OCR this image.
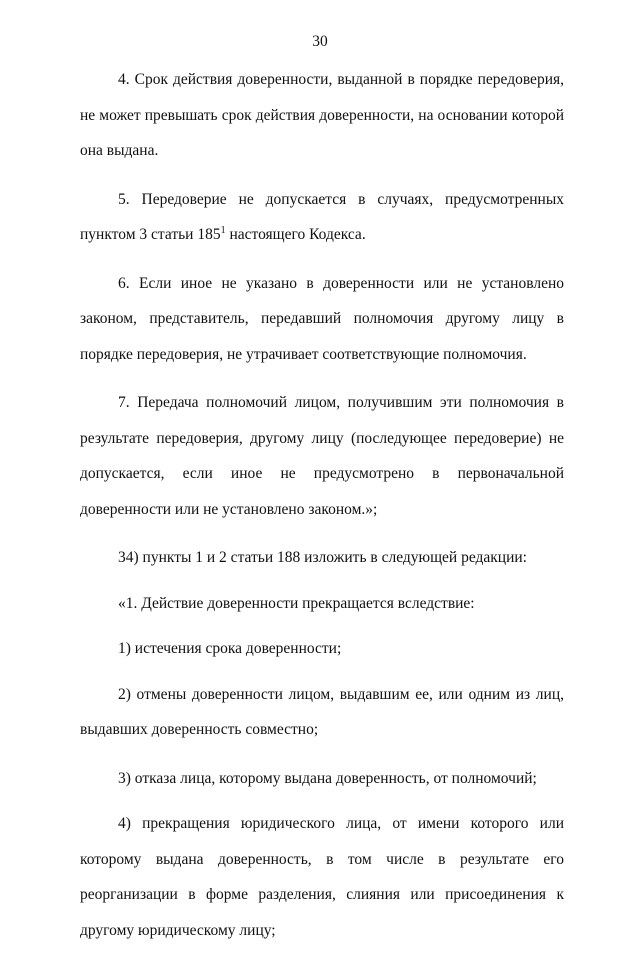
30

4. Срок действия доверенности, выданной в порядке передоверия, не может превышать срок действия доверенности, на основании которой она выдана.

5. Передоверие не допускается в случаях, предусмотренных пунктом 3 статьи $185^1$ настоящего Кодекса.

6. Если иное не указано в доверенности или не установлено законом, представитель, передавший полномочия другому лицу в порядке передоверия, не утрачивает соответствующие полномочия.

7. Передача полномочий лицом, получившим эти полномочия в результате передоверия, другому лицу (последующее передоверие) не допускается, если иное не предусмотрено в первоначальной доверенности или не установлено законом.»;

34) пункты 1 и 2 статьи 188 изложить в следующей редакции:

«1. Действие доверенности прекращается вследствие:

1) истечения срока доверенности;

2) отмены доверенности лицом, выдавшим ее, или одним из лиц, выдавших доверенность совместно;

3) отказа лица, которому выдана доверенность, от полномочий;

4) прекращения юридического лица, от имени которого или которому выдана доверенность, в том числе в результате его реорганизации в форме разделения, слияния или присоединения к другому юридическому лицу;
